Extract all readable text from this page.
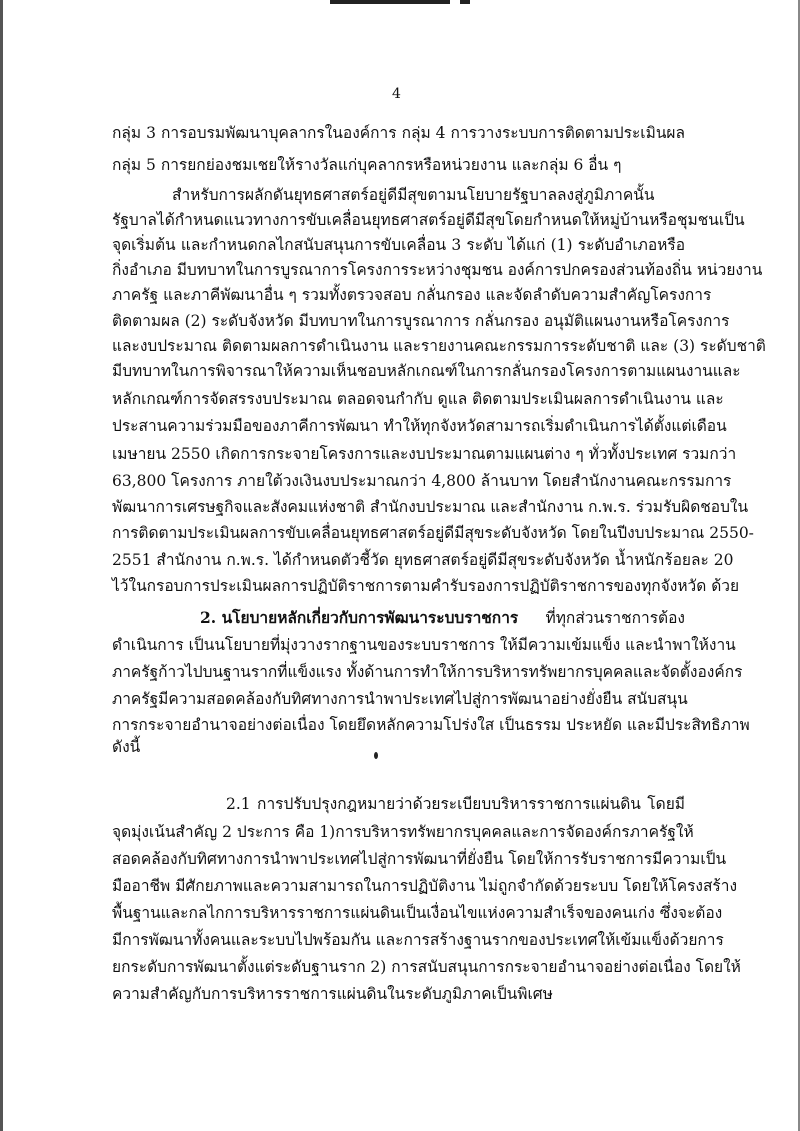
4
กลุ่ม 3 การอบรมพัฒนาบุคลากรในองค์การ กลุ่ม 4 การวางระบบการติดตามประเมินผล
กลุ่ม 5 การยกย่องชมเชยให้รางวัลแก่บุคลากรหรือหน่วยงาน และกลุ่ม 6 อื่น ๆ
สำหรับการผลักดันยุทธศาสตร์อยู่ดีมีสุขตามนโยบายรัฐบาลลงสู่ภูมิภาคนั้น
รัฐบาลได้กำหนดแนวทางการขับเคลื่อนยุทธศาสตร์อยู่ดีมีสุขโดยกำหนดให้หมู่บ้านหรือชุมชนเป็น
จุดเริ่มต้น และกำหนดกลไกสนับสนุนการขับเคลื่อน 3 ระดับ ได้แก่ (1) ระดับอำเภอหรือ
กิ่งอำเภอ มีบทบาทในการบูรณาการโครงการระหว่างชุมชน องค์การปกครองส่วนท้องถิ่น หน่วยงาน
ภาครัฐ และภาคีพัฒนาอื่น ๆ รวมทั้งตรวจสอบ กลั่นกรอง และจัดลำดับความสำคัญโครงการ
ติดตามผล (2) ระดับจังหวัด มีบทบาทในการบูรณาการ กลั่นกรอง อนุมัติแผนงานหรือโครงการ
และงบประมาณ ติดตามผลการดำเนินงาน และรายงานคณะกรรมการระดับชาติ และ (3) ระดับชาติ
มีบทบาทในการพิจารณาให้ความเห็นชอบหลักเกณฑ์ในการกลั่นกรองโครงการตามแผนงานและ
หลักเกณฑ์การจัดสรรงบประมาณ ตลอดจนกำกับ ดูแล ติดตามประเมินผลการดำเนินงาน และ
ประสานความร่วมมือของภาคีการพัฒนา ทำให้ทุกจังหวัดสามารถเริ่มดำเนินการได้ตั้งแต่เดือน
เมษายน 2550 เกิดการกระจายโครงการและงบประมาณตามแผนต่าง ๆ ทั่วทั้งประเทศ รวมกว่า
63,800 โครงการ ภายใต้วงเงินงบประมาณกว่า 4,800 ล้านบาท โดยสำนักงานคณะกรรมการ
พัฒนาการเศรษฐกิจและสังคมแห่งชาติ สำนักงบประมาณ และสำนักงาน ก.พ.ร. ร่วมรับผิดชอบใน
การติดตามประเมินผลการขับเคลื่อนยุทธศาสตร์อยู่ดีมีสุขระดับจังหวัด โดยในปีงบประมาณ 2550-
2551 สำนักงาน ก.พ.ร. ได้กำหนดตัวชี้วัด ยุทธศาสตร์อยู่ดีมีสุขระดับจังหวัด น้ำหนักร้อยละ 20
ไว้ในกรอบการประเมินผลการปฏิบัติราชการตามคำรับรองการปฏิบัติราชการของทุกจังหวัด ด้วย
2. นโยบายหลักเกี่ยวกับการพัฒนาระบบราชการ	ที่ทุกส่วนราชการต้อง
ดำเนินการ เป็นนโยบายที่มุ่งวางรากฐานของระบบราชการ ให้มีความเข้มแข็ง และนำพาให้งาน
ภาครัฐก้าวไปบนฐานรากที่แข็งแรง ทั้งด้านการทำให้การบริหารทรัพยากรบุคคลและจัดตั้งองค์กร
ภาครัฐมีความสอดคล้องกับทิศทางการนำพาประเทศไปสู่การพัฒนาอย่างยั่งยืน สนับสนุน
การกระจายอำนาจอย่างต่อเนื่อง โดยยึดหลักความโปร่งใส เป็นธรรม ประหยัด และมีประสิทธิภาพ
ดังนี้
2.1 การปรับปรุงกฎหมายว่าด้วยระเบียบบริหารราชการแผ่นดิน โดยมี
จุดมุ่งเน้นสำคัญ 2 ประการ คือ 1)การบริหารทรัพยากรบุคคลและการจัดองค์กรภาครัฐให้
สอดคล้องกับทิศทางการนำพาประเทศไปสู่การพัฒนาที่ยั่งยืน โดยให้การรับราชการมีความเป็น
มืออาชีพ มีศักยภาพและความสามารถในการปฏิบัติงาน ไม่ถูกจำกัดด้วยระบบ โดยให้โครงสร้าง
พื้นฐานและกลไกการบริหารราชการแผ่นดินเป็นเงื่อนไขแห่งความสำเร็จของคนเก่ง ซึ่งจะต้อง
มีการพัฒนาทั้งคนและระบบไปพร้อมกัน และการสร้างฐานรากของประเทศให้เข้มแข็งด้วยการ
ยกระดับการพัฒนาตั้งแต่ระดับฐานราก 2) การสนับสนุนการกระจายอำนาจอย่างต่อเนื่อง โดยให้
ความสำคัญกับการบริหารราชการแผ่นดินในระดับภูมิภาคเป็นพิเศษ
